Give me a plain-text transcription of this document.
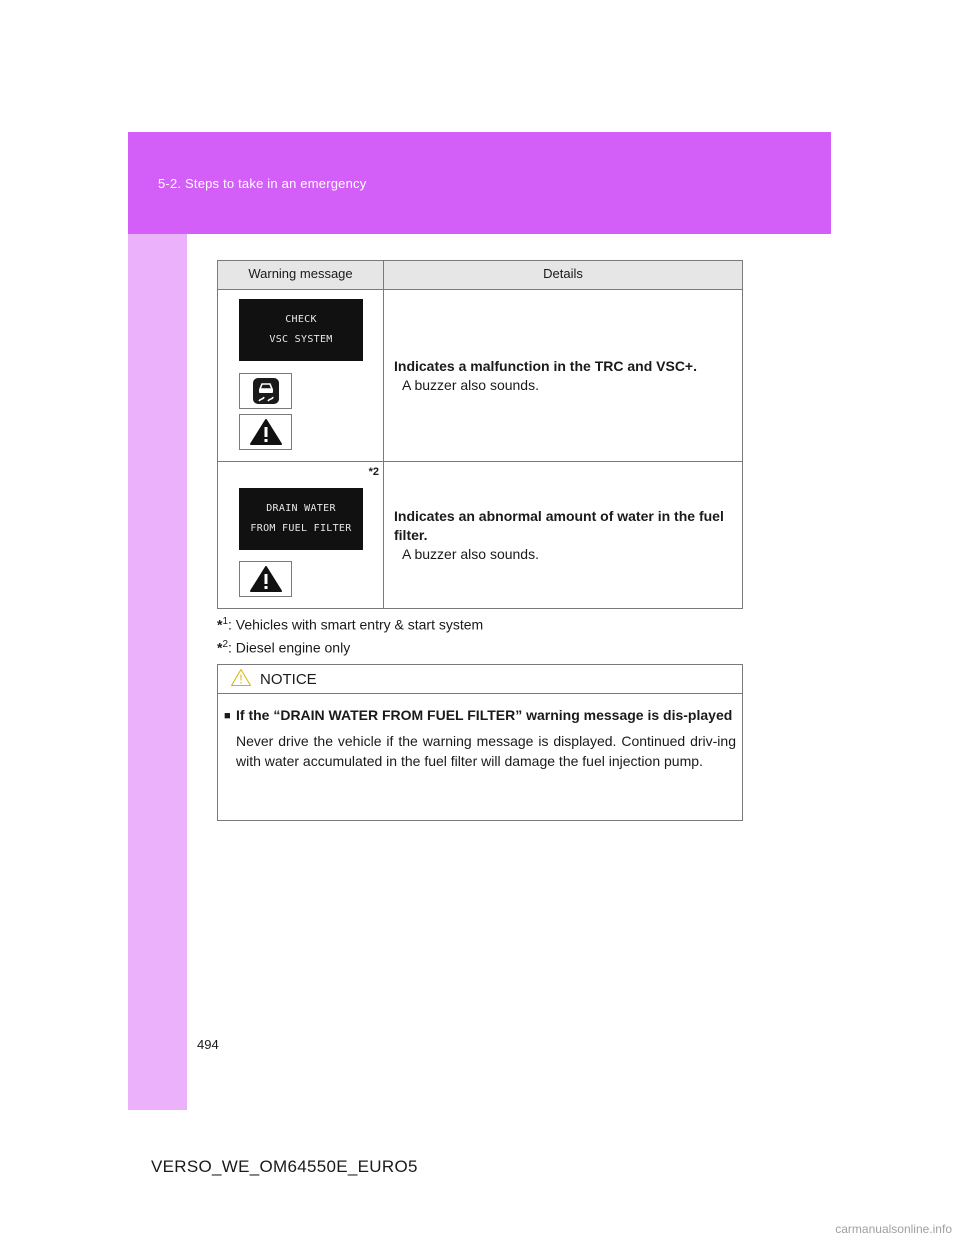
5-2. Steps to take in an emergency
Warning message	Details
CHECK
VSC SYSTEM
Indicates a malfunction in the TRC and VSC+.
A buzzer also sounds.
*2
DRAIN WATER
FROM FUEL FILTER
Indicates an abnormal amount of water in the fuel filter.
A buzzer also sounds.
*$^1$: Vehicles with smart entry & start system
*$^2$: Diesel engine only
NOTICE
■ If the “DRAIN WATER FROM FUEL FILTER” warning message is dis-played
Never drive the vehicle if the warning message is displayed. Continued driv-ing with water accumulated in the fuel filter will damage the fuel injection pump.
494
VERSO_WE_OM64550E_EURO5
carmanualsonline.info
